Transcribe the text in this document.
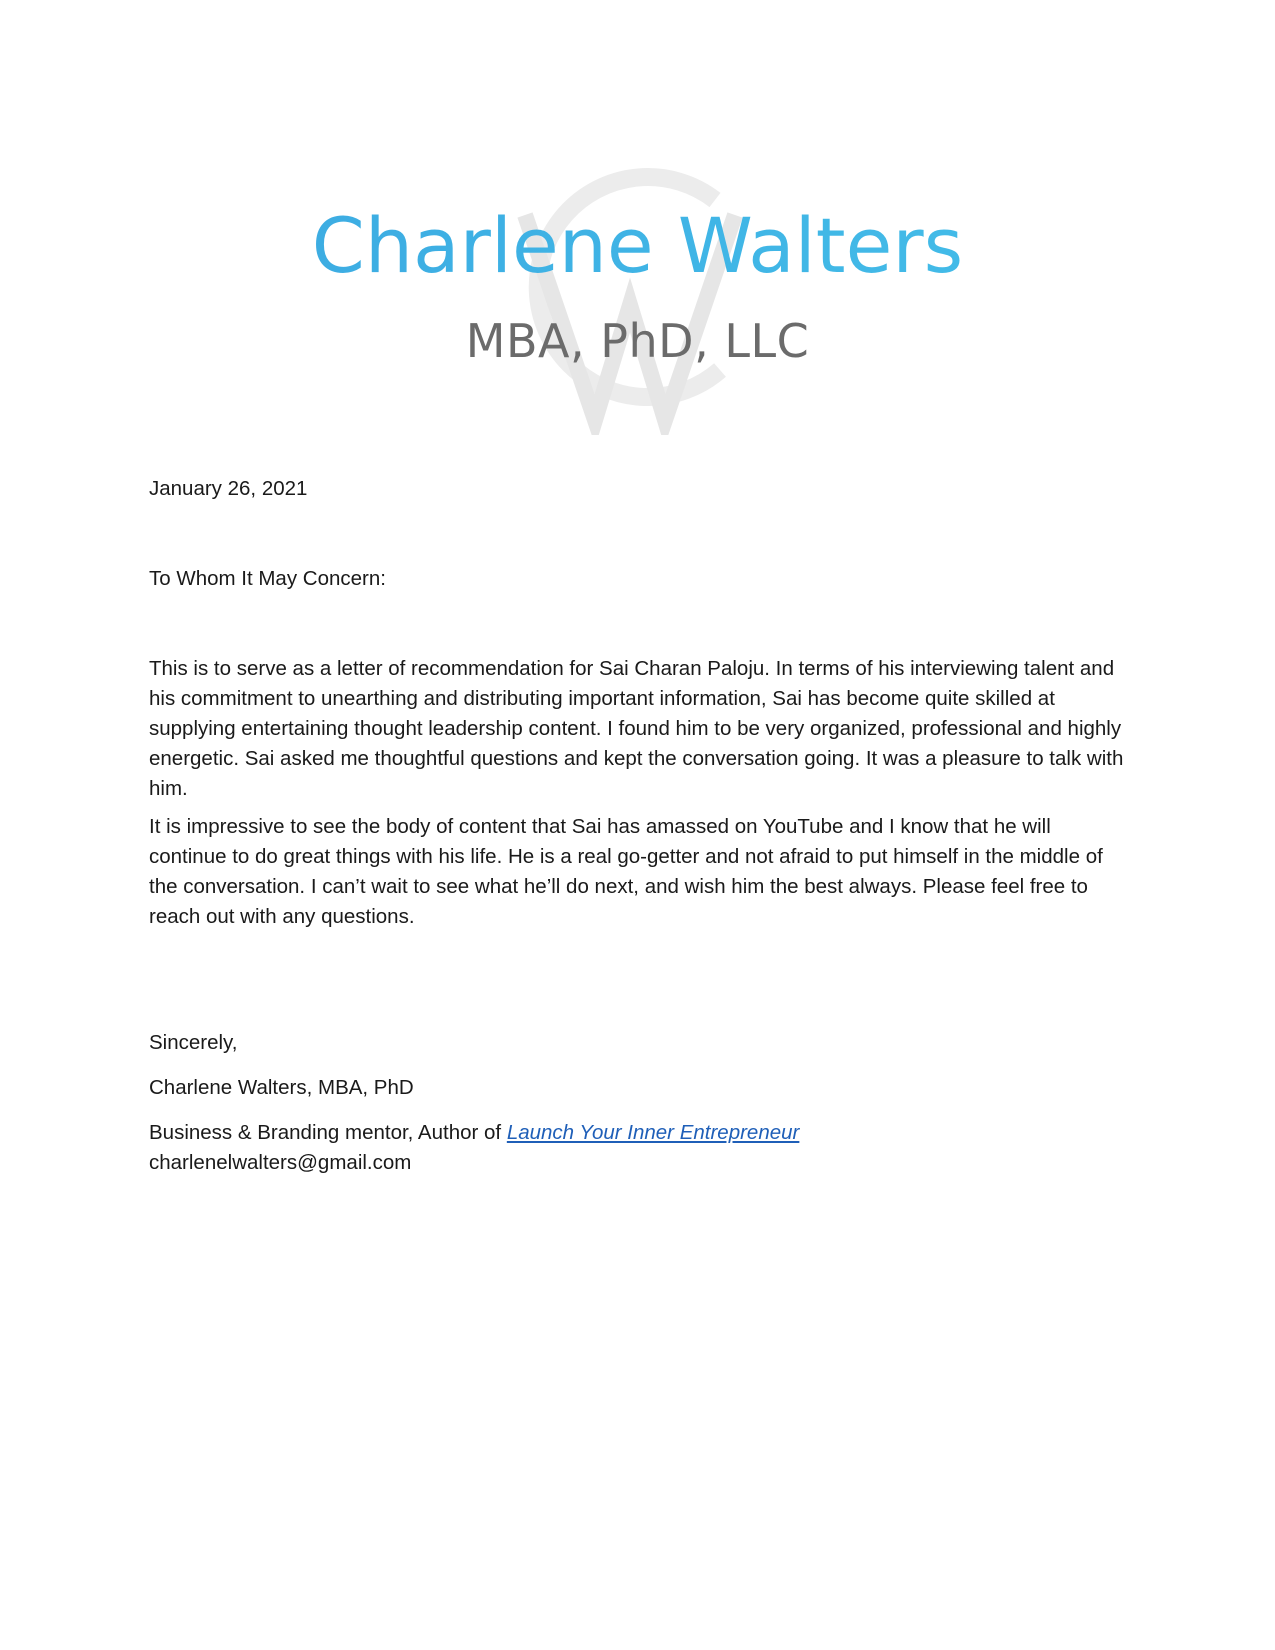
Charlene Walters
MBA, PhD, LLC

January 26, 2021

To Whom It May Concern:

This is to serve as a letter of recommendation for Sai Charan Paloju. In terms of his interviewing talent and his commitment to unearthing and distributing important information, Sai has become quite skilled at supplying entertaining thought leadership content. I found him to be very organized, professional and highly energetic. Sai asked me thoughtful questions and kept the conversation going. It was a pleasure to talk with him.

It is impressive to see the body of content that Sai has amassed on YouTube and I know that he will continue to do great things with his life. He is a real go-getter and not afraid to put himself in the middle of the conversation. I can’t wait to see what he’ll do next, and wish him the best always. Please feel free to reach out with any questions.

Sincerely,

Charlene Walters, MBA, PhD

Business & Branding mentor, Author of Launch Your Inner Entrepreneur

charlenelwalters@gmail.com
